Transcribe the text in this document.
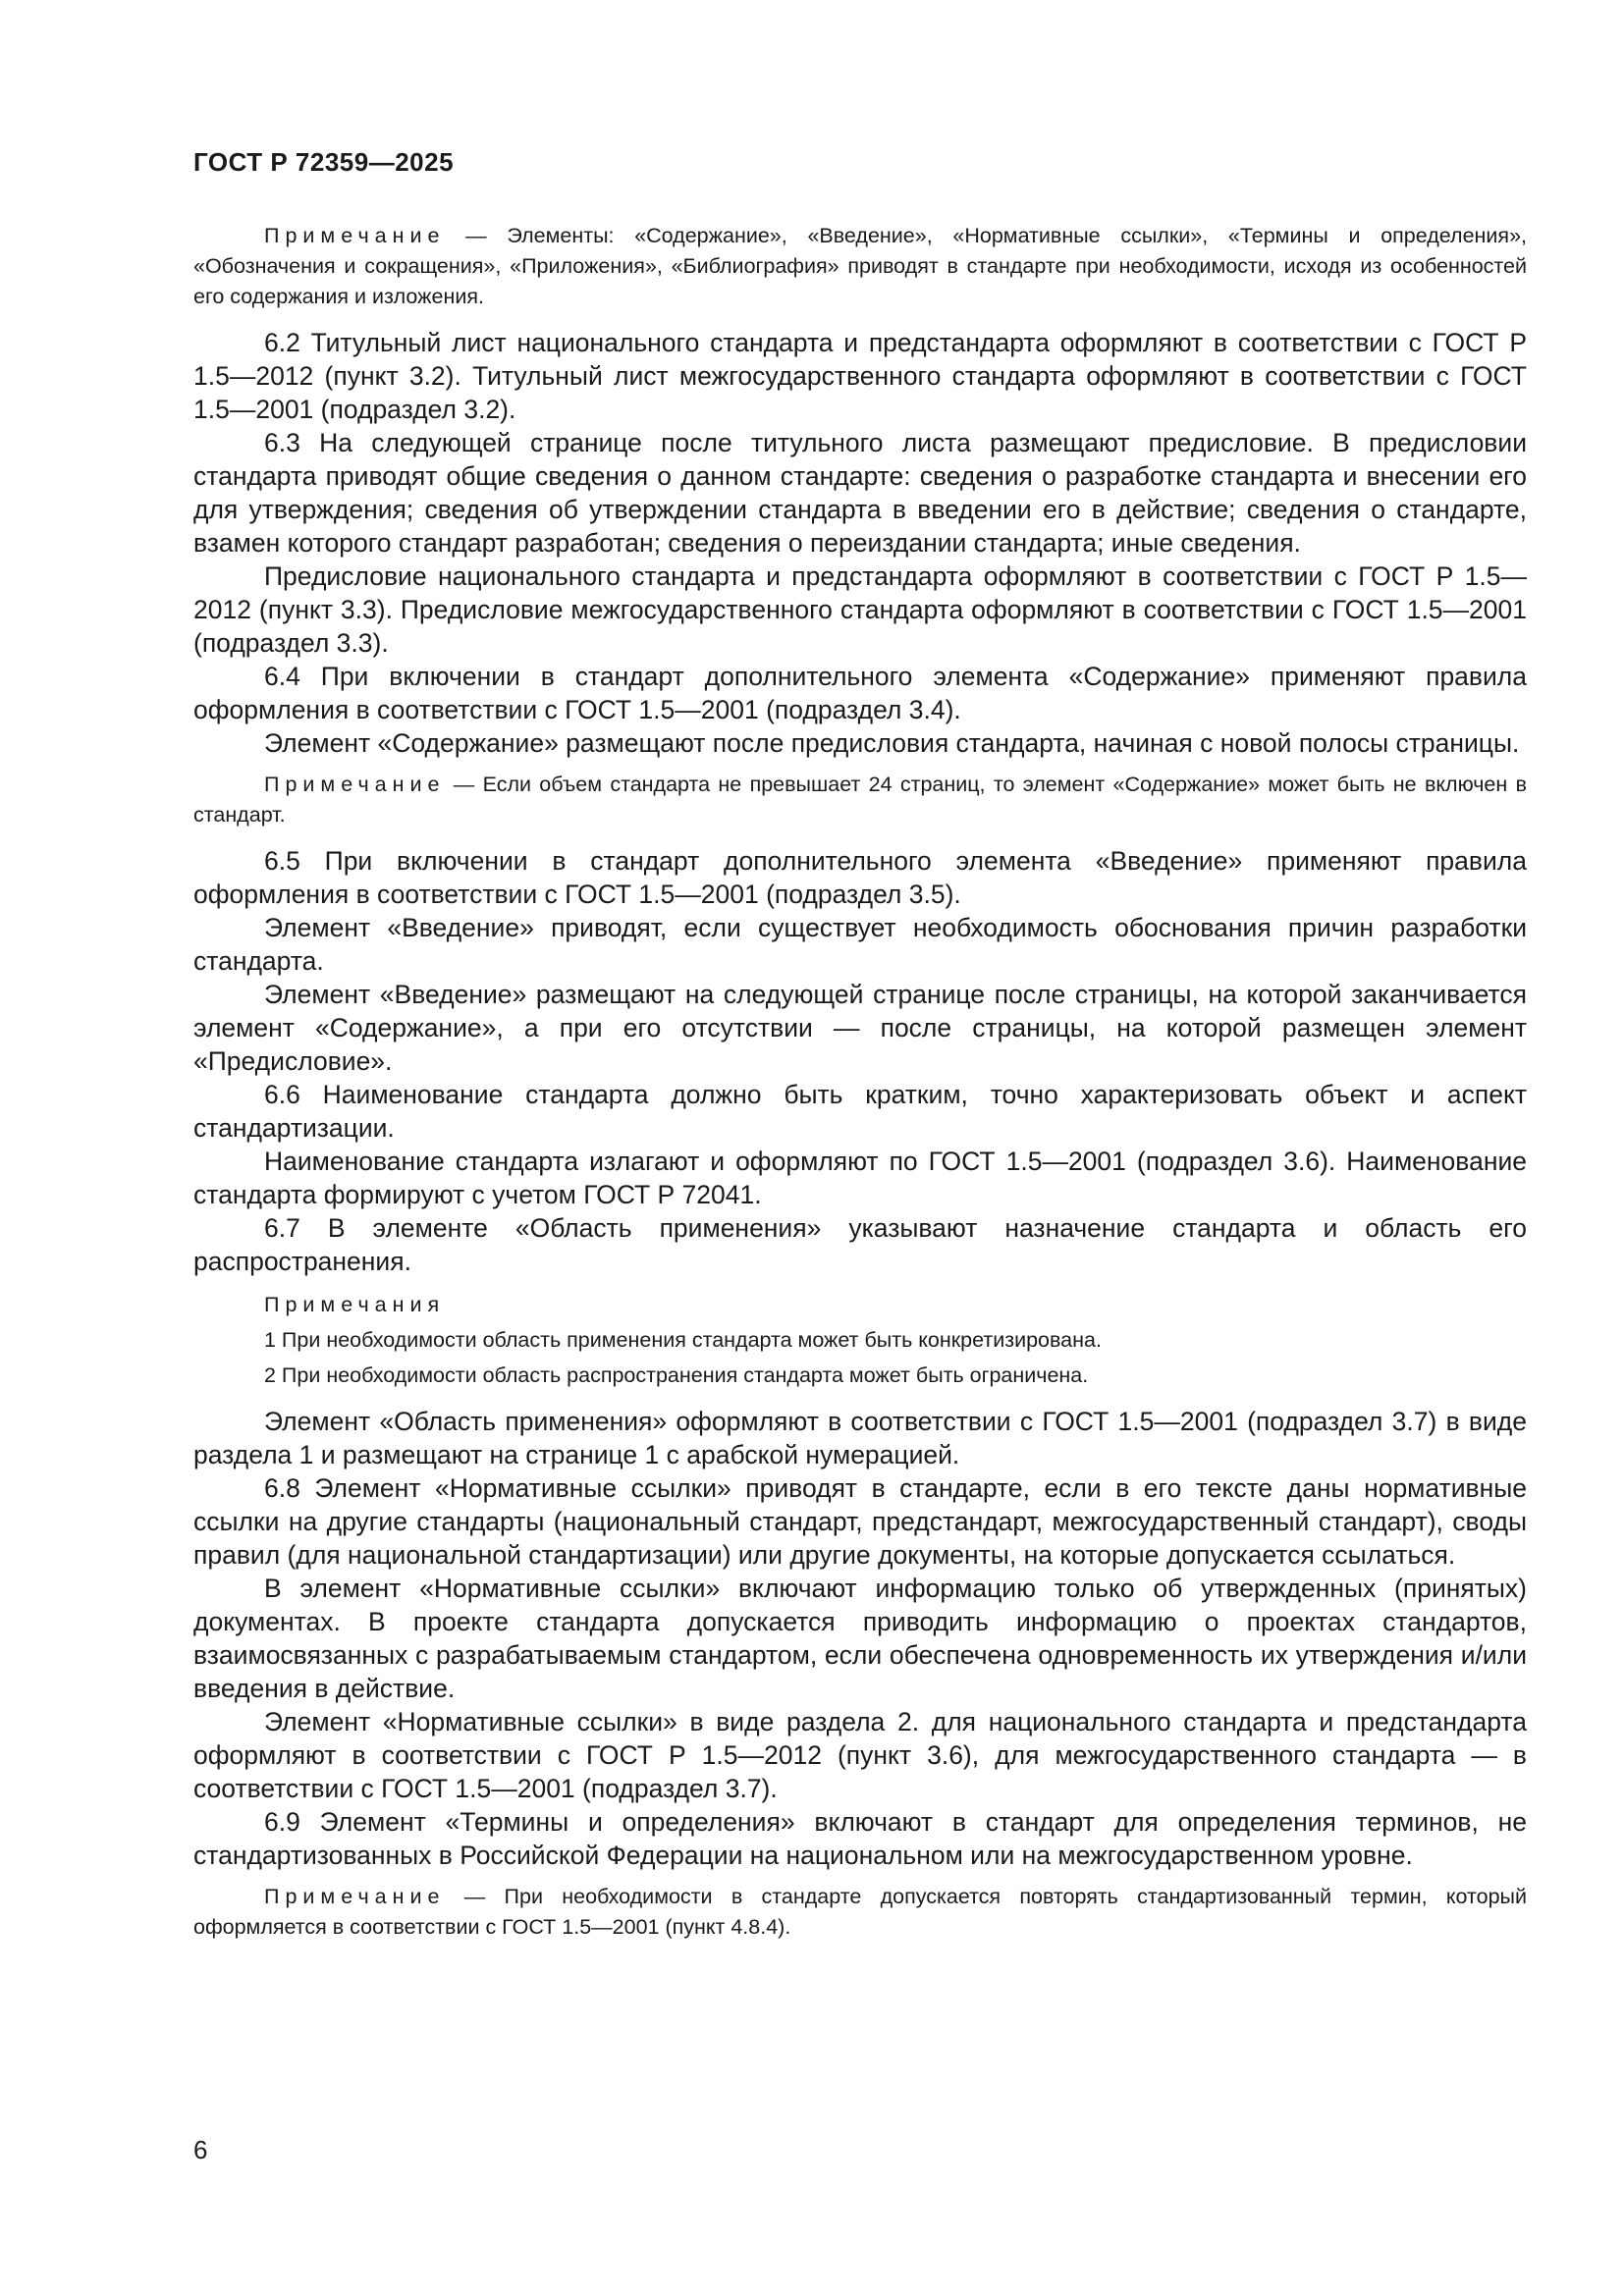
ГОСТ Р 72359—2025

Примечание — Элементы: «Содержание», «Введение», «Нормативные ссылки», «Термины и определения», «Обозначения и сокращения», «Приложения», «Библиография» приводят в стандарте при необходимости, исходя из особенностей его содержания и изложения.

6.2 Титульный лист национального стандарта и предстандарта оформляют в соответствии с ГОСТ Р 1.5—2012 (пункт 3.2). Титульный лист межгосударственного стандарта оформляют в соответствии с ГОСТ 1.5—2001 (подраздел 3.2).

6.3 На следующей странице после титульного листа размещают предисловие. В предисловии стандарта приводят общие сведения о данном стандарте: сведения о разработке стандарта и внесении его для утверждения; сведения об утверждении стандарта в введении его в действие; сведения о стандарте, взамен которого стандарт разработан; сведения о переиздании стандарта; иные сведения.

Предисловие национального стандарта и предстандарта оформляют в соответствии с ГОСТ Р 1.5—2012 (пункт 3.3). Предисловие межгосударственного стандарта оформляют в соответствии с ГОСТ 1.5—2001 (подраздел 3.3).

6.4 При включении в стандарт дополнительного элемента «Содержание» применяют правила оформления в соответствии с ГОСТ 1.5—2001 (подраздел 3.4).

Элемент «Содержание» размещают после предисловия стандарта, начиная с новой полосы страницы.

Примечание — Если объем стандарта не превышает 24 страниц, то элемент «Содержание» может быть не включен в стандарт.

6.5 При включении в стандарт дополнительного элемента «Введение» применяют правила оформления в соответствии с ГОСТ 1.5—2001 (подраздел 3.5).

Элемент «Введение» приводят, если существует необходимость обоснования причин разработки стандарта.

Элемент «Введение» размещают на следующей странице после страницы, на которой заканчивается элемент «Содержание», а при его отсутствии — после страницы, на которой размещен элемент «Предисловие».

6.6 Наименование стандарта должно быть кратким, точно характеризовать объект и аспект стандартизации.

Наименование стандарта излагают и оформляют по ГОСТ 1.5—2001 (подраздел 3.6). Наименование стандарта формируют с учетом ГОСТ Р 72041.

6.7 В элементе «Область применения» указывают назначение стандарта и область его распространения.

Примечания

1 При необходимости область применения стандарта может быть конкретизирована.

2 При необходимости область распространения стандарта может быть ограничена.

Элемент «Область применения» оформляют в соответствии с ГОСТ 1.5—2001 (подраздел 3.7) в виде раздела 1 и размещают на странице 1 с арабской нумерацией.

6.8 Элемент «Нормативные ссылки» приводят в стандарте, если в его тексте даны нормативные ссылки на другие стандарты (национальный стандарт, предстандарт, межгосударственный стандарт), своды правил (для национальной стандартизации) или другие документы, на которые допускается ссылаться.

В элемент «Нормативные ссылки» включают информацию только об утвержденных (принятых) документах. В проекте стандарта допускается приводить информацию о проектах стандартов, взаимосвязанных с разрабатываемым стандартом, если обеспечена одновременность их утверждения и/или введения в действие.

Элемент «Нормативные ссылки» в виде раздела 2. для национального стандарта и предстандарта оформляют в соответствии с ГОСТ Р 1.5—2012 (пункт 3.6), для межгосударственного стандарта — в соответствии с ГОСТ 1.5—2001 (подраздел 3.7).

6.9 Элемент «Термины и определения» включают в стандарт для определения терминов, не стандартизованных в Российской Федерации на национальном или на межгосударственном уровне.

Примечание — При необходимости в стандарте допускается повторять стандартизованный термин, который оформляется в соответствии с ГОСТ 1.5—2001 (пункт 4.8.4).

6
